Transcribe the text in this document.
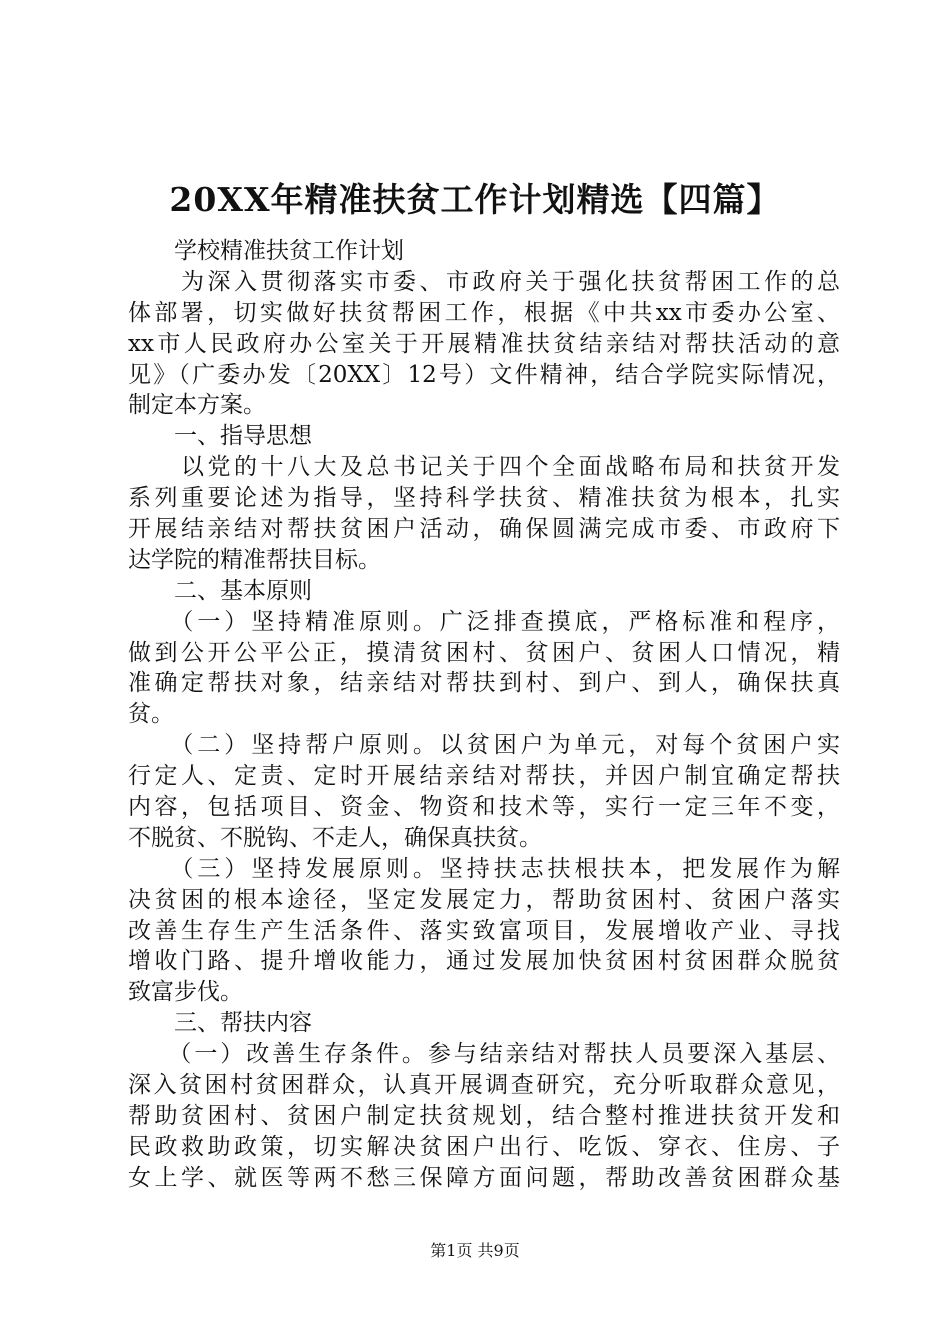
20XX年精准扶贫工作计划精选【四篇】
　　学校精准扶贫工作计划
　　为深入贯彻落实市委、市政府关于强化扶贫帮困工作的总
体部署，切实做好扶贫帮困工作，根据《中共xx市委办公室、
xx市人民政府办公室关于开展精准扶贫结亲结对帮扶活动的意
见》（广委办发〔20XX〕12号）文件精神，结合学院实际情况，
制定本方案。
　　一、指导思想
　　以党的十八大及总书记关于四个全面战略布局和扶贫开发
系列重要论述为指导，坚持科学扶贫、精准扶贫为根本，扎实
开展结亲结对帮扶贫困户活动，确保圆满完成市委、市政府下
达学院的精准帮扶目标。
　　二、基本原则
　　（一）坚持精准原则。广泛排查摸底，严格标准和程序，
做到公开公平公正，摸清贫困村、贫困户、贫困人口情况，精
准确定帮扶对象，结亲结对帮扶到村、到户、到人，确保扶真
贫。
　　（二）坚持帮户原则。以贫困户为单元，对每个贫困户实
行定人、定责、定时开展结亲结对帮扶，并因户制宜确定帮扶
内容，包括项目、资金、物资和技术等，实行一定三年不变，
不脱贫、不脱钩、不走人，确保真扶贫。
　　（三）坚持发展原则。坚持扶志扶根扶本，把发展作为解
决贫困的根本途径，坚定发展定力，帮助贫困村、贫困户落实
改善生存生产生活条件、落实致富项目，发展增收产业、寻找
增收门路、提升增收能力，通过发展加快贫困村贫困群众脱贫
致富步伐。
　　三、帮扶内容
　　（一）改善生存条件。参与结亲结对帮扶人员要深入基层、
深入贫困村贫困群众，认真开展调查研究，充分听取群众意见，
帮助贫困村、贫困户制定扶贫规划，结合整村推进扶贫开发和
民政救助政策，切实解决贫困户出行、吃饭、穿衣、住房、子
女上学、就医等两不愁三保障方面问题，帮助改善贫困群众基
第1页 共9页
